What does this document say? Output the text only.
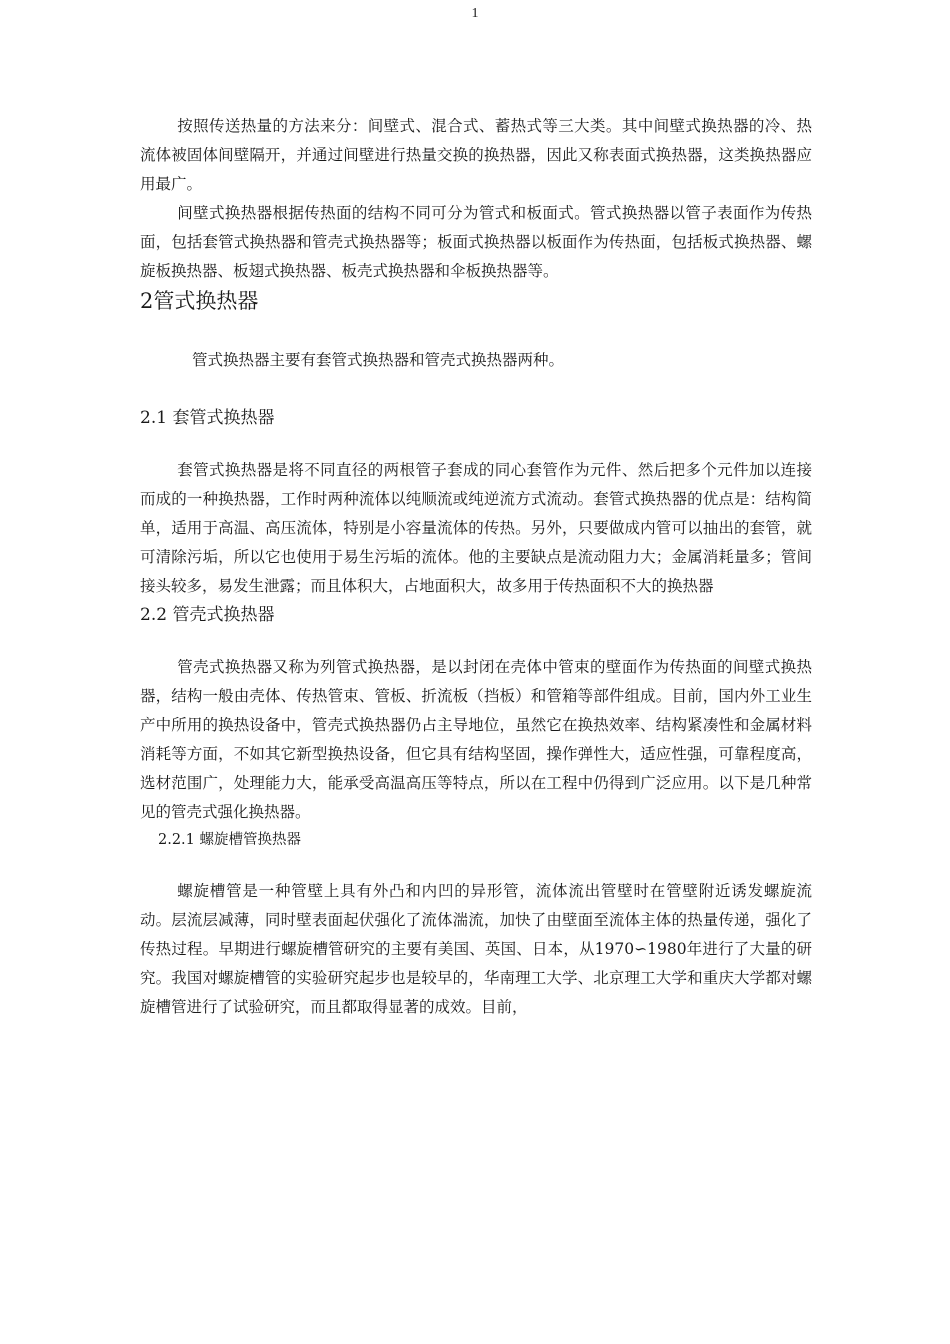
1

按照传送热量的方法来分：间壁式、混合式、蓄热式等三大类。其中间壁式换热器的冷、热流体被固体间壁隔开，并通过间壁进行热量交换的换热器，因此又称表面式换热器，这类换热器应用最广。

间壁式换热器根据传热面的结构不同可分为管式和板面式。管式换热器以管子表面作为传热面，包括套管式换热器和管壳式换热器等；板面式换热器以板面作为传热面，包括板式换热器、螺旋板换热器、板翅式换热器、板壳式换热器和伞板换热器等。

2管式换热器

管式换热器主要有套管式换热器和管壳式换热器两种。

2.1 套管式换热器

套管式换热器是将不同直径的两根管子套成的同心套管作为元件、然后把多个元件加以连接而成的一种换热器，工作时两种流体以纯顺流或纯逆流方式流动。套管式换热器的优点是：结构简单，适用于高温、高压流体，特别是小容量流体的传热。另外，只要做成内管可以抽出的套管，就可清除污垢，所以它也使用于易生污垢的流体。他的主要缺点是流动阻力大；金属消耗量多；管间接头较多，易发生泄露；而且体积大，占地面积大，故多用于传热面积不大的换热器

2.2 管壳式换热器

管壳式换热器又称为列管式换热器，是以封闭在壳体中管束的壁面作为传热面的间壁式换热器，结构一般由壳体、传热管束、管板、折流板（挡板）和管箱等部件组成。目前，国内外工业生产中所用的换热设备中，管壳式换热器仍占主导地位，虽然它在换热效率、结构紧凑性和金属材料消耗等方面，不如其它新型换热设备，但它具有结构坚固，操作弹性大，适应性强，可靠程度高，选材范围广，处理能力大，能承受高温高压等特点，所以在工程中仍得到广泛应用。以下是几种常见的管壳式强化换热器。

2.2.1 螺旋槽管换热器

螺旋槽管是一种管壁上具有外凸和内凹的异形管，流体流出管壁时在管壁附近诱发螺旋流动。层流层减薄，同时壁表面起伏强化了流体湍流，加快了由壁面至流体主体的热量传递，强化了传热过程。早期进行螺旋槽管研究的主要有美国、英国、日本，从1970∽1980年进行了大量的研究。我国对螺旋槽管的实验研究起步也是较早的，华南理工大学、北京理工大学和重庆大学都对螺旋槽管进行了试验研究，而且都取得显著的成效。目前，
